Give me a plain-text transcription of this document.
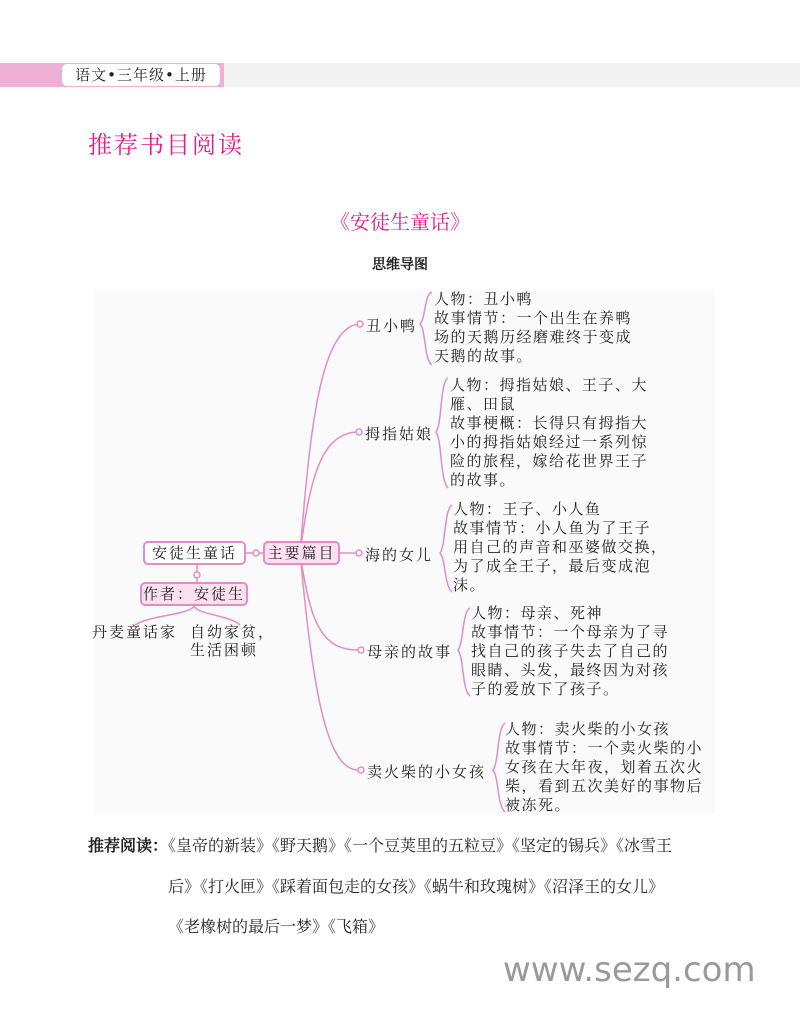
语文•三年级•上册
推荐书目阅读
《安徒生童话》
思维导图
安徒生童话	主要篇目
作者：安徒生
丹麦童话家 自幼家贫，
生活困顿
丑小鸭
拇指姑娘
海的女儿
母亲的故事
卖火柴的小女孩
人物：丑小鸭
故事情节：一个出生在养鸭
场的天鹅历经磨难终于变成
天鹅的故事。
人物：拇指姑娘、王子、大
雁、田鼠
故事梗概：长得只有拇指大
小的拇指姑娘经过一系列惊
险的旅程，嫁给花世界王子
的故事。
人物：王子、小人鱼
故事情节：小人鱼为了王子
用自己的声音和巫婆做交换，
为了成全王子，最后变成泡
沫。
人物：母亲、死神
故事情节：一个母亲为了寻
找自己的孩子失去了自己的
眼睛、头发，最终因为对孩
子的爱放下了孩子。
人物：卖火柴的小女孩
故事情节：一个卖火柴的小
女孩在大年夜，划着五次火
柴，看到五次美好的事物后
被冻死。
推荐阅读：《皇帝的新装》《野天鹅》《一个豆荚里的五粒豆》《坚定的锡兵》《冰雪王
后》《打火匣》《踩着面包走的女孩》《蜗牛和玫瑰树》《沼泽王的女儿》
《老橡树的最后一梦》《飞箱》
www.sezq.com
